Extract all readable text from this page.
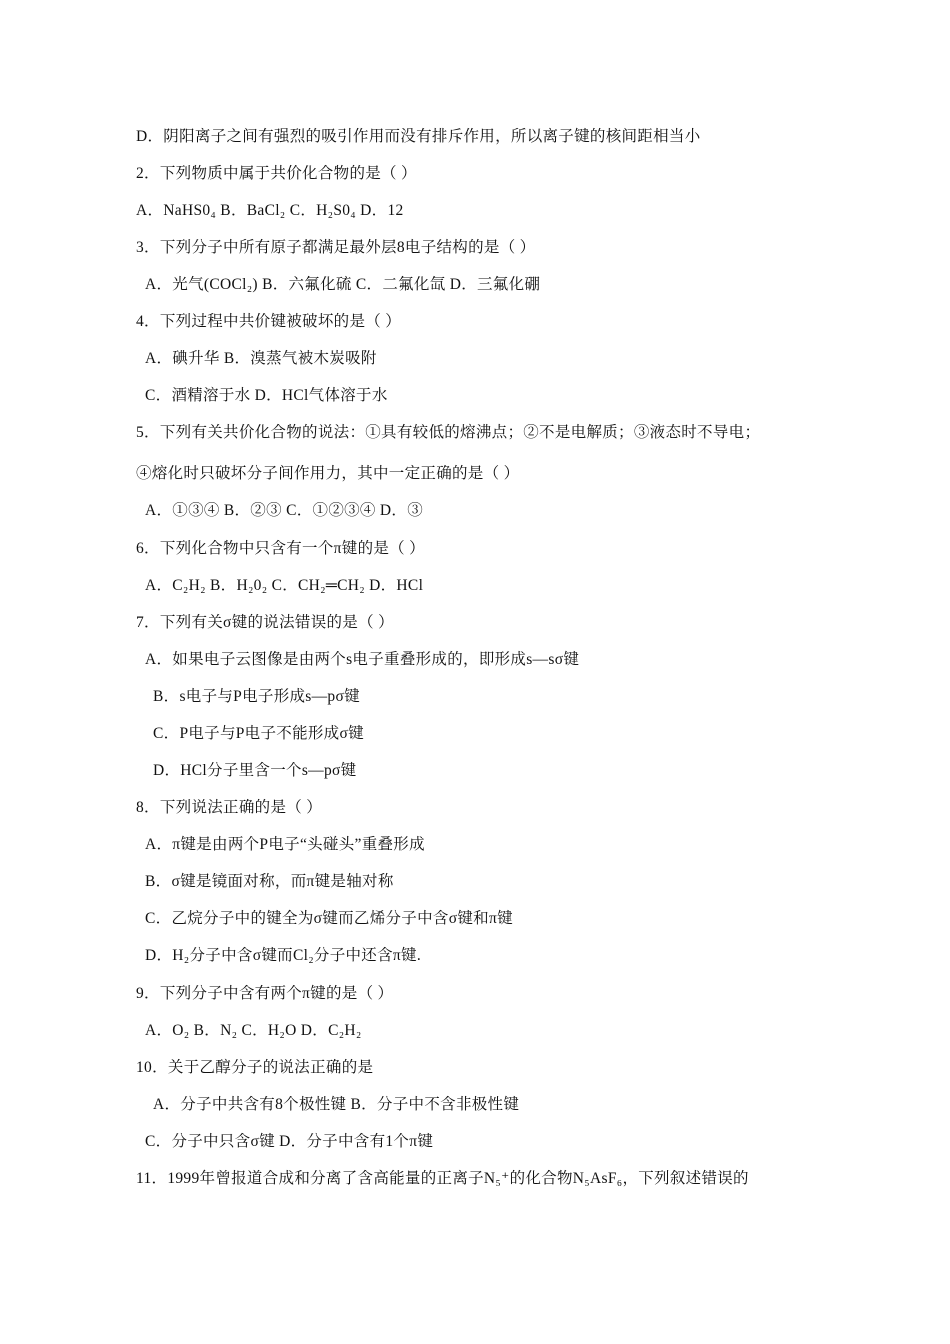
D．阴阳离子之间有强烈的吸引作用而没有排斥作用，所以离子键的核间距相当小
2．下列物质中属于共价化合物的是（ ）
A．NaHS0₄ B．BaCl₂ C．H₂S0₄ D．12
3．下列分子中所有原子都满足最外层8电子结构的是（ ）
A．光气(COCl₂) B．六氟化硫 C．二氟化氙 D．三氟化硼
4．下列过程中共价键被破坏的是（ ）
A．碘升华 B．溴蒸气被木炭吸附
C．酒精溶于水 D．HCl气体溶于水
5．下列有关共价化合物的说法：①具有较低的熔沸点；②不是电解质；③液态时不导电；
④熔化时只破坏分子间作用力，其中一定正确的是（ ）
A．①③④ B．②③ C．①②③④ D．③
6．下列化合物中只含有一个π键的是（ ）
A．C₂H₂ B．H₂0₂ C．CH₂═CH₂ D．HCl
7．下列有关σ键的说法错误的是（ ）
A．如果电子云图像是由两个s电子重叠形成的，即形成s—sσ键
B．s电子与P电子形成s—pσ键
C．P电子与P电子不能形成σ键
D．HCl分子里含一个s—pσ键
8．下列说法正确的是（ ）
A．π键是由两个P电子“头碰头”重叠形成
B．σ键是镜面对称，而π键是轴对称
C．乙烷分子中的键全为σ键而乙烯分子中含σ键和π键
D．H₂分子中含σ键而Cl₂分子中还含π键.
9．下列分子中含有两个π键的是（ ）
A．O₂ B．N₂ C．H₂O D．C₂H₂
10．关于乙醇分子的说法正确的是
A．分子中共含有8个极性键 B．分子中不含非极性键
C．分子中只含σ键 D．分子中含有1个π键
11．1999年曾报道合成和分离了含高能量的正离子N₅⁺的化合物N₅AsF₆，下列叙述错误的
